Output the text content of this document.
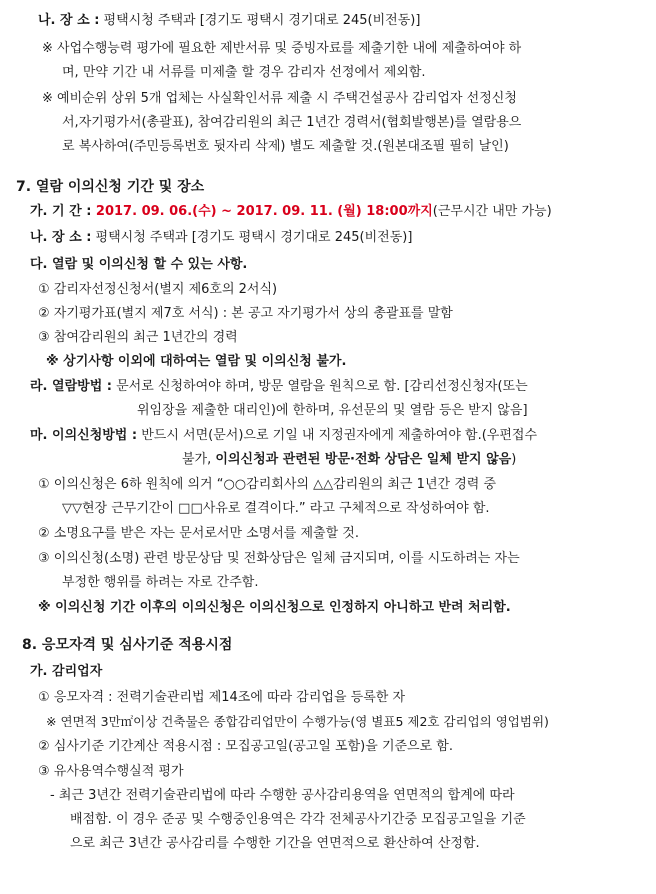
나. 장 소 : 평택시청 주택과 [경기도 평택시 경기대로 245(비전동)]
※ 사업수행능력 평가에 필요한 제반서류 및 증빙자료를 제출기한 내에 제출하여야 하
며, 만약 기간 내 서류를 미제출 할 경우 감리자 선정에서 제외함.
※ 예비순위 상위 5개 업체는 사실확인서류 제출 시 주택건설공사 감리업자 선정신청
서,자기평가서(총괄표), 참여감리원의 최근 1년간 경력서(협회발행본)를 열람용으
로 복사하여(주민등록번호 뒷자리 삭제) 별도 제출할 것.(원본대조필 필히 날인)
7. 열람 이의신청 기간 및 장소
가. 기 간 : 2017. 09. 06.(수) ~ 2017. 09. 11. (월) 18:00까지(근무시간 내만 가능)
나. 장 소 : 평택시청 주택과 [경기도 평택시 경기대로 245(비전동)]
다. 열람 및 이의신청 할 수 있는 사항.
① 감리자선정신청서(별지 제6호의 2서식)
② 자기평가표(별지 제7호 서식) : 본 공고 자기평가서 상의 총괄표를 말함
③ 참여감리원의 최근 1년간의 경력
※ 상기사항 이외에 대하여는 열람 및 이의신청 불가.
라. 열람방법 : 문서로 신청하여야 하며, 방문 열람을 원칙으로 함. [감리선정신청자(또는
위임장을 제출한 대리인)에 한하며, 유선문의 및 열람 등은 받지 않음]
마. 이의신청방법 : 반드시 서면(문서)으로 기일 내 지정권자에게 제출하여야 함.(우편접수
불가, 이의신청과 관련된 방문·전화 상담은 일체 받지 않음)
① 이의신청은 6하 원칙에 의거 “○○감리회사의 △△감리원의 최근 1년간 경력 중
▽▽현장 근무기간이 □□사유로 결격이다.” 라고 구체적으로 작성하여야 함.
② 소명요구를 받은 자는 문서로서만 소명서를 제출할 것.
③ 이의신청(소명) 관련 방문상담 및 전화상담은 일체 금지되며, 이를 시도하려는 자는
부정한 행위를 하려는 자로 간주함.
※ 이의신청 기간 이후의 이의신청은 이의신청으로 인정하지 아니하고 반려 처리함.
8. 응모자격 및 심사기준 적용시점
가. 감리업자
① 응모자격 : 전력기술관리법 제14조에 따라 감리업을 등록한 자
※ 연면적 3만㎡이상 건축물은 종합감리업만이 수행가능(영 별표5 제2호 감리업의 영업범위)
② 심사기준 기간계산 적용시점 : 모집공고일(공고일 포함)을 기준으로 함.
③ 유사용역수행실적 평가
- 최근 3년간 전력기술관리법에 따라 수행한 공사감리용역을 연면적의 합계에 따라
배점함. 이 경우 준공 및 수행중인용역은 각각 전체공사기간중 모집공고일을 기준
으로 최근 3년간 공사감리를 수행한 기간을 연면적으로 환산하여 산정함.
